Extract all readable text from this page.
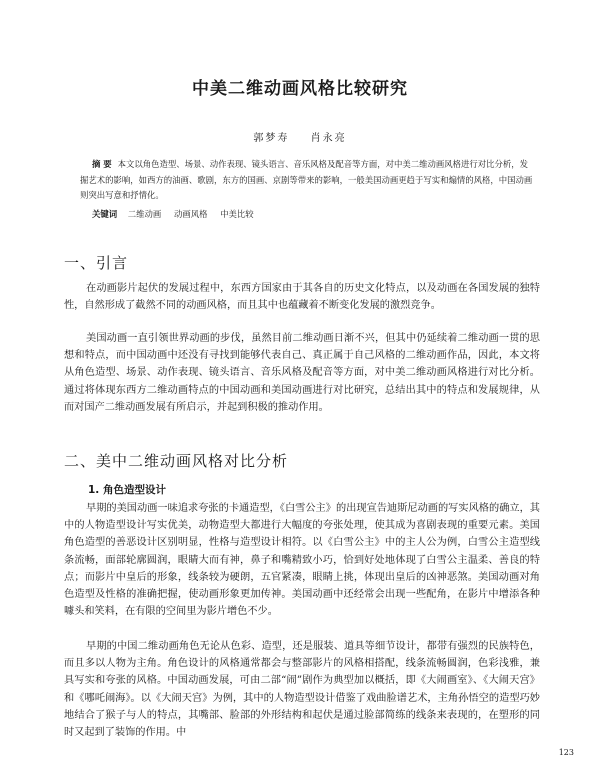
中美二维动画风格比较研究
郭梦寿 肖永亮
摘 要 本文以角色造型、场景、动作表现、镜头语言、音乐风格及配音等方面，对中美二维动画风格进行对比分析，发掘艺术的影响，如西方的油画、歌剧，东方的国画、京剧等带来的影响，一般美国动画更趋于写实和煽情的风格，中国动画则突出写意和抒情化。
关键词 二维动画 动画风格 中美比较
一、引言

在动画影片起伏的发展过程中，东西方国家由于其各自的历史文化特点，以及动画在各国发展的独特性，自然形成了截然不同的动画风格，而且其中也蕴藏着不断变化发展的激烈竞争。

美国动画一直引领世界动画的步伐，虽然目前二维动画日渐不兴，但其中仍延续着二维动画一贯的思想和特点，而中国动画中还没有寻找到能够代表自己、真正属于自己风格的二维动画作品，因此，本文将从角色造型、场景、动作表现、镜头语言、音乐风格及配音等方面，对中美二维动画风格进行对比分析。通过将体现东西方二维动画特点的中国动画和美国动画进行对比研究，总结出其中的特点和发展规律，从而对国产二维动画发展有所启示，并起到积极的推动作用。

二、美中二维动画风格对比分析
1. 角色造型设计

早期的美国动画一味追求夸张的卡通造型，《白雪公主》的出现宣告迪斯尼动画的写实风格的确立，其中的人物造型设计写实优美，动物造型大都进行大幅度的夸张处理，使其成为喜剧表现的重要元素。美国角色造型的善恶设计区别明显，性格与造型设计相符。以《白雪公主》中的主人公为例，白雪公主造型线条流畅，面部轮廓圆润，眼睛大而有神，鼻子和嘴精致小巧，恰到好处地体现了白雪公主温柔、善良的特点；而影片中皇后的形象，线条较为硬朗，五官紧凑，眼睛上挑，体现出皇后的凶神恶煞。美国动画对角色造型及性格的准确把握，使动画形象更加传神。美国动画中还经常会出现一些配角，在影片中增添各种噱头和笑料，在有限的空间里为影片增色不少。

早期的中国二维动画角色无论从色彩、造型，还是服装、道具等细节设计，都带有强烈的民族特色，而且多以人物为主角。角色设计的风格通常都会与整部影片的风格相搭配，线条流畅圆润，色彩浅雅，兼具写实和夸张的风格。中国动画发展，可由二部“闹”剧作为典型加以概括，即《大闹画室》、《大闹天宫》和《哪吒闹海》。以《大闹天宫》为例，其中的人物造型设计借鉴了戏曲脸谱艺术，主角孙悟空的造型巧妙地结合了猴子与人的特点，其嘴部、脸部的外形结构和起伏是通过脸部简练的线条来表现的，在塑形的同时又起到了装饰的作用。中

123
